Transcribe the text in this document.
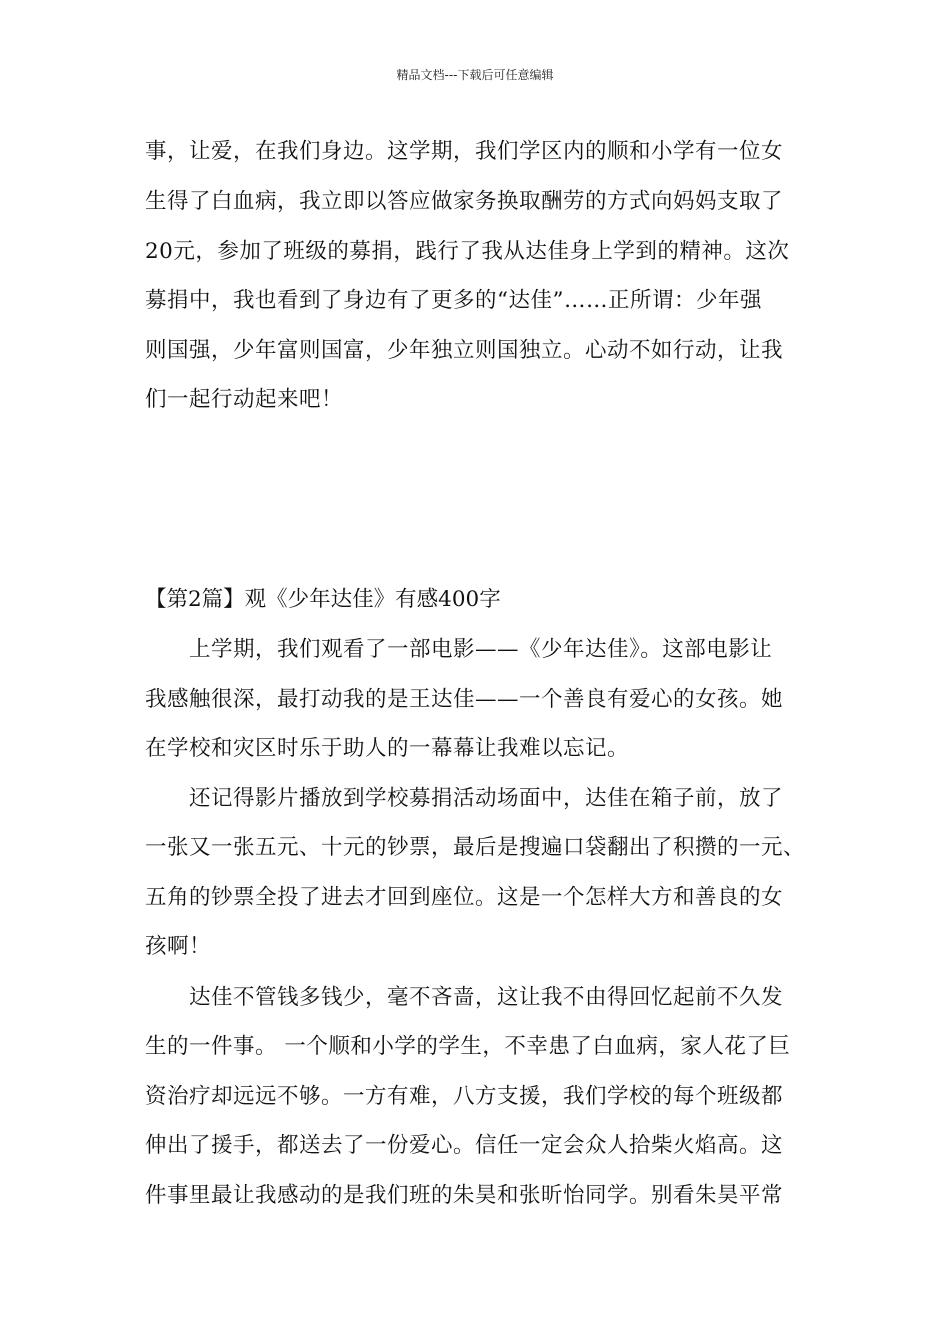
精品文档---下载后可任意编辑
事，让爱，在我们身边。这学期，我们学区内的顺和小学有一位女
生得了白血病，我立即以答应做家务换取酬劳的方式向妈妈支取了
20元，参加了班级的募捐，践行了我从达佳身上学到的精神。这次
募捐中，我也看到了身边有了更多的“达佳”……正所谓：少年强
则国强，少年富则国富，少年独立则国独立。心动不如行动，让我
们一起行动起来吧！
【第2篇】观《少年达佳》有感400字
　　上学期，我们观看了一部电影——《少年达佳》。这部电影让
我感触很深，最打动我的是王达佳——一个善良有爱心的女孩。她
在学校和灾区时乐于助人的一幕幕让我难以忘记。
　　还记得影片播放到学校募捐活动场面中，达佳在箱子前，放了
一张又一张五元、十元的钞票，最后是搜遍口袋翻出了积攒的一元、
五角的钞票全投了进去才回到座位。这是一个怎样大方和善良的女
孩啊！
　　达佳不管钱多钱少，毫不吝啬，这让我不由得回忆起前不久发
生的一件事。 一个顺和小学的学生，不幸患了白血病，家人花了巨
资治疗却远远不够。一方有难，八方支援，我们学校的每个班级都
伸出了援手，都送去了一份爱心。信任一定会众人拾柴火焰高。这
件事里最让我感动的是我们班的朱昊和张昕怡同学。别看朱昊平常
